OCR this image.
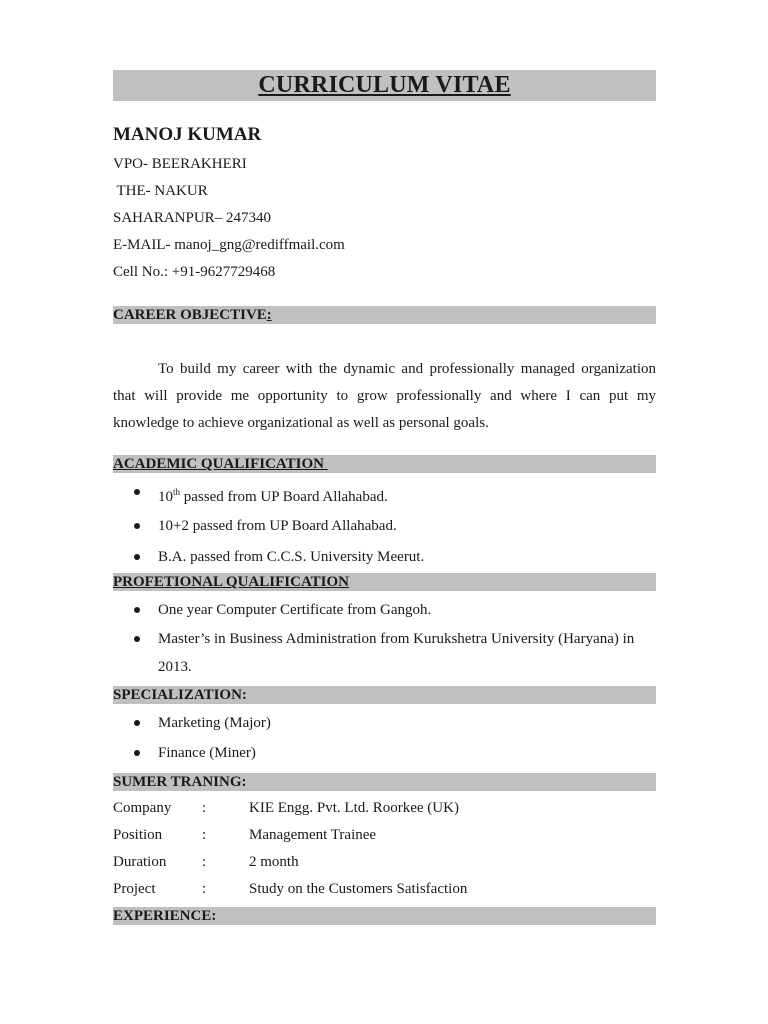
CURRICULUM VITAE
MANOJ KUMAR
VPO- BEERAKHERI
THE- NAKUR
SAHARANPUR– 247340
E-MAIL- manoj_gng@rediffmail.com
Cell No.: +91-9627729468
CAREER OBJECTIVE:
To build my career with the dynamic and professionally managed organization that will provide me opportunity to grow professionally and where I can put my knowledge to achieve organizational as well as personal goals.
ACADEMIC QUALIFICATION
10th passed from UP Board Allahabad.
10+2 passed from UP Board Allahabad.
B.A. passed from C.C.S. University Meerut.
PROFETIONAL QUALIFICATION
One year Computer Certificate from Gangoh.
Master’s in Business Administration from Kurukshetra University (Haryana) in 2013.
SPECIALIZATION:
Marketing (Major)
Finance (Miner)
SUMER TRANING:
Company :	KIE Engg. Pvt. Ltd. Roorkee (UK)
Position	:	Management Trainee
Duration :	2 month
Project	:	Study on the Customers Satisfaction
EXPERIENCE:
